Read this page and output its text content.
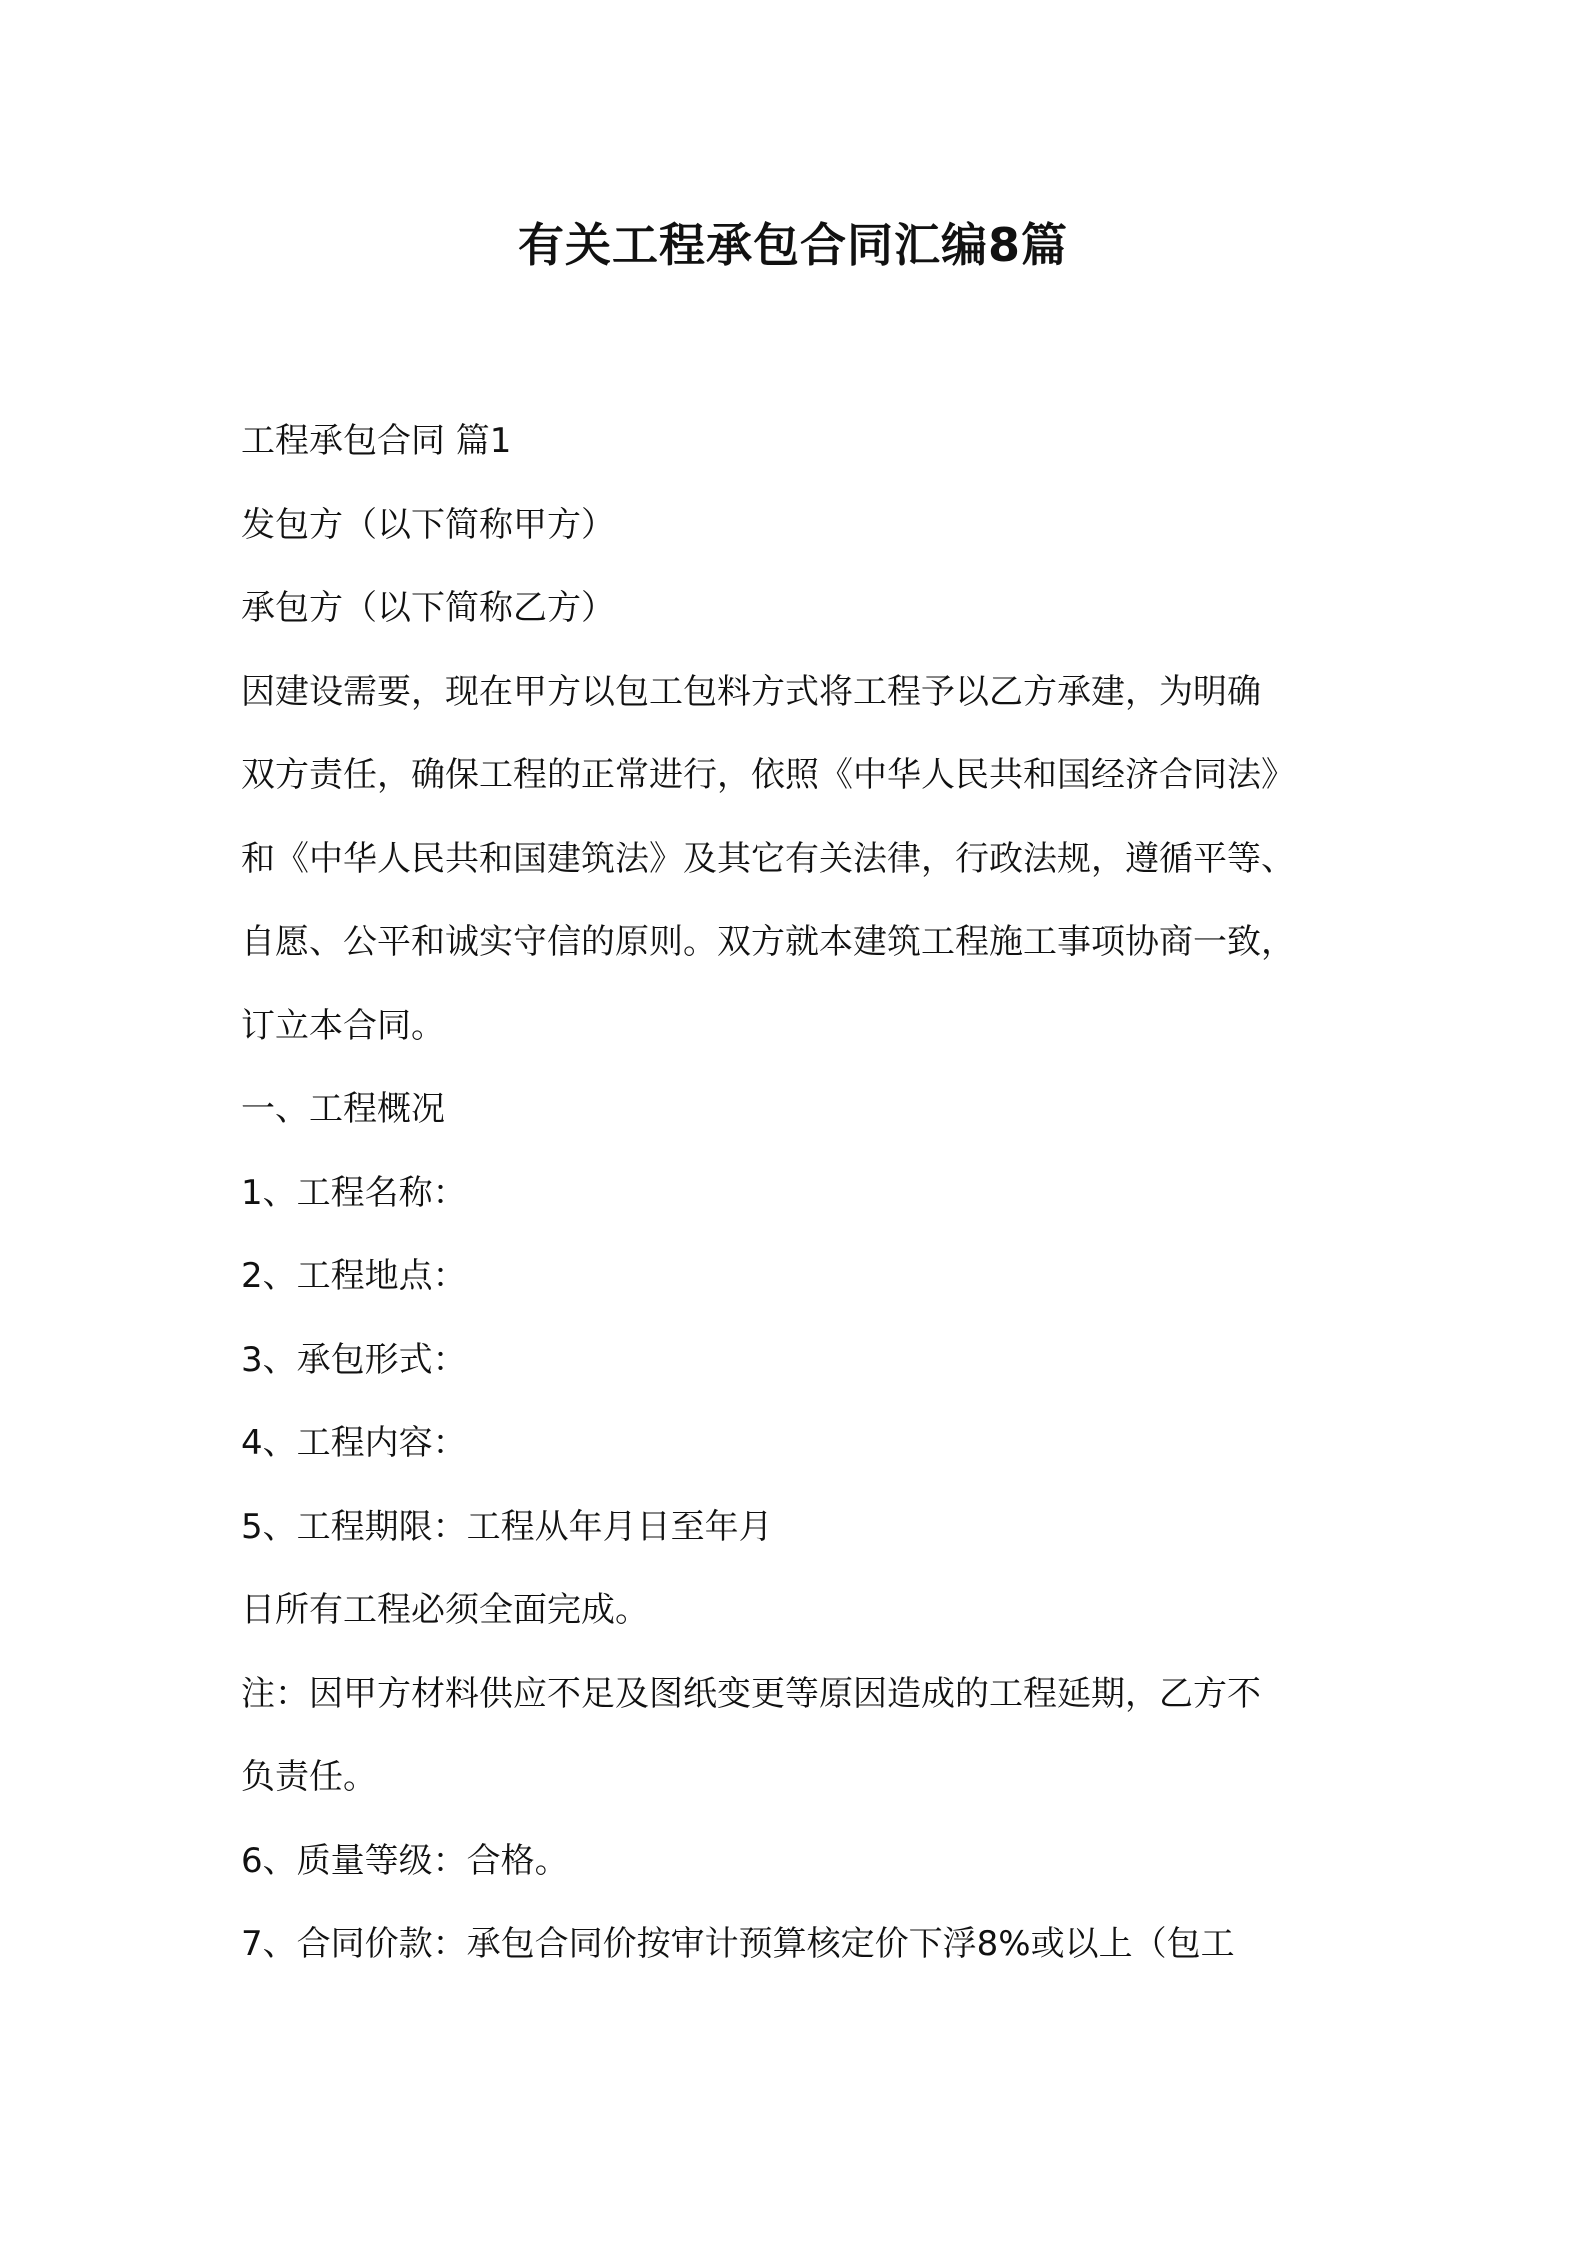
有关工程承包合同汇编8篇

工程承包合同 篇1

发包方（以下简称甲方）

承包方（以下简称乙方）

因建设需要，现在甲方以包工包料方式将工程予以乙方承建，为明确

双方责任，确保工程的正常进行，依照《中华人民共和国经济合同法》

和《中华人民共和国建筑法》及其它有关法律，行政法规，遵循平等、

自愿、公平和诚实守信的原则。双方就本建筑工程施工事项协商一致，

订立本合同。

一、工程概况

1、工程名称：

2、工程地点：

3、承包形式：

4、工程内容：

5、工程期限：工程从年月日至年月

日所有工程必须全面完成。

注：因甲方材料供应不足及图纸变更等原因造成的工程延期，乙方不

负责任。

6、质量等级：合格。

7、合同价款：承包合同价按审计预算核定价下浮8%或以上（包工
